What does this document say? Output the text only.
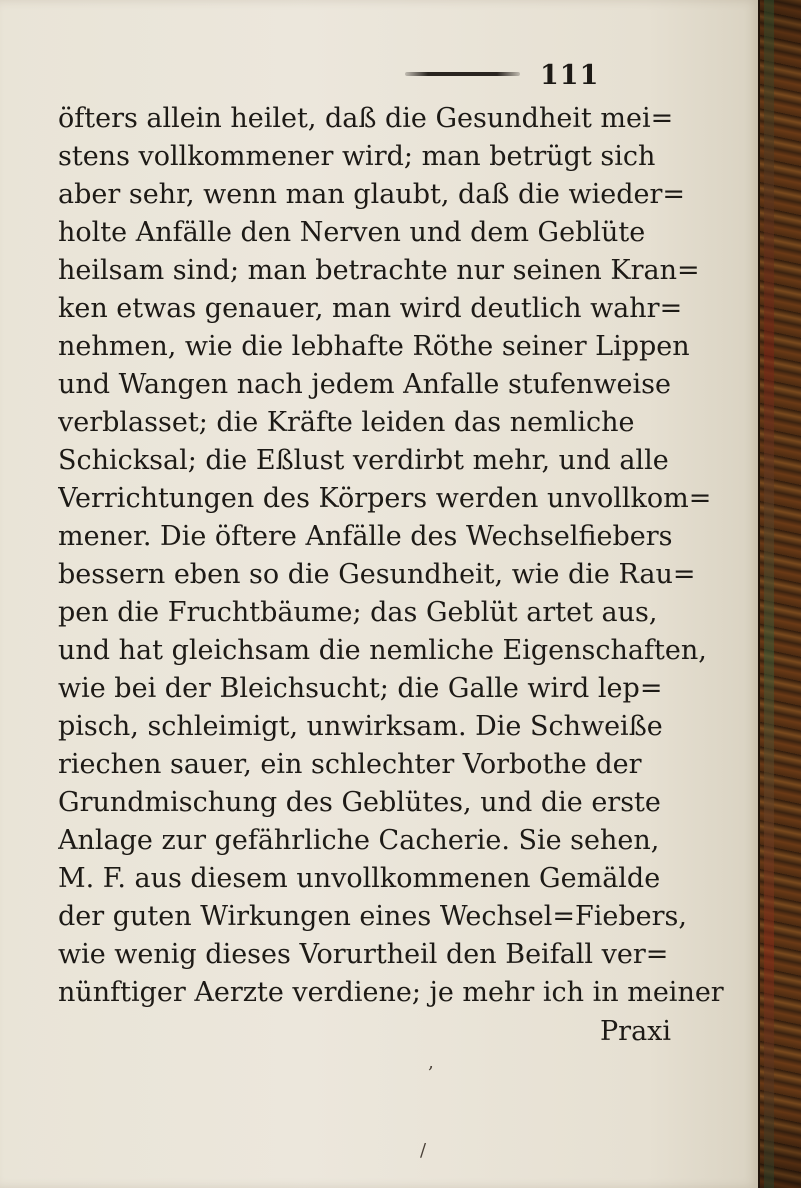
111
öfters allein heilet, daß die Gesundheit mei=
stens vollkommener wird; man betrügt sich
aber sehr, wenn man glaubt, daß die wieder=
holte Anfälle den Nerven und dem Geblüte
heilsam sind; man betrachte nur seinen Kran=
ken etwas genauer, man wird deutlich wahr=
nehmen, wie die lebhafte Röthe seiner Lippen
und Wangen nach jedem Anfalle stufenweise
verblasset; die Kräfte leiden das nemliche
Schicksal; die Eßlust verdirbt mehr, und alle
Verrichtungen des Körpers werden unvollkom=
mener. Die öftere Anfälle des Wechselfiebers
bessern eben so die Gesundheit, wie die Rau=
pen die Fruchtbäume; das Geblüt artet aus,
und hat gleichsam die nemliche Eigenschaften,
wie bei der Bleichsucht; die Galle wird lep=
pisch, schleimigt, unwirksam. Die Schweiße
riechen sauer, ein schlechter Vorbothe der
Grundmischung des Geblütes, und die erste
Anlage zur gefährliche Cacherie. Sie sehen,
M. F. aus diesem unvollkommenen Gemälde
der guten Wirkungen eines Wechsel=Fiebers,
wie wenig dieses Vorurtheil den Beifall ver=
nünftiger Aerzte verdiene; je mehr ich in meiner
Praxi
‚
/
